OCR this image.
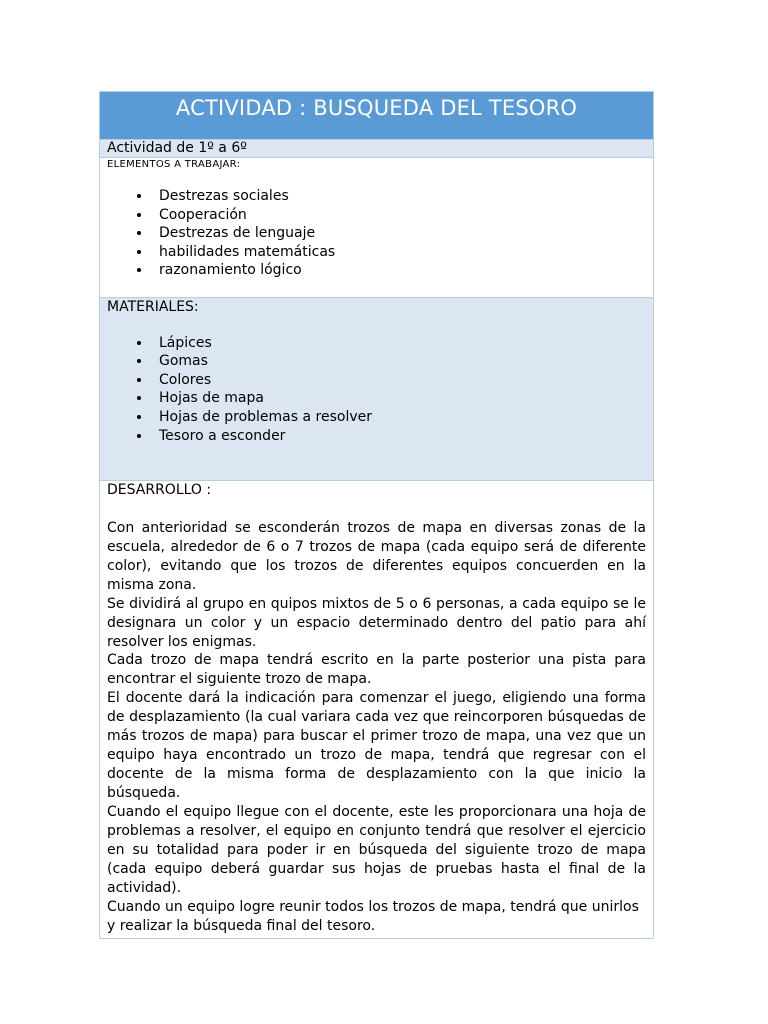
ACTIVIDAD : BUSQUEDA DEL TESORO
Actividad de 1º a 6º
ELEMENTOS A TRABAJAR:
• Destrezas sociales
• Cooperación
• Destrezas de lenguaje
• habilidades matemáticas
• razonamiento lógico
MATERIALES:
• Lápices
• Gomas
• Colores
• Hojas de mapa
• Hojas de problemas a resolver
• Tesoro a esconder
DESARROLLO :

Con anterioridad se esconderán trozos de mapa en diversas zonas de la escuela, alrededor de 6 o 7 trozos de mapa (cada equipo será de diferente color), evitando que los trozos de diferentes equipos concuerden en la misma zona.

Se dividirá al grupo en quipos mixtos de 5 o 6 personas, a cada equipo se le designara un color y un espacio determinado dentro del patio para ahí resolver los enigmas.

Cada trozo de mapa tendrá escrito en la parte posterior una pista para encontrar el siguiente trozo de mapa.

El docente dará la indicación para comenzar el juego, eligiendo una forma de desplazamiento (la cual variara cada vez que reincorporen búsquedas de más trozos de mapa) para buscar el primer trozo de mapa, una vez que un equipo haya encontrado un trozo de mapa, tendrá que regresar con el docente de la misma forma de desplazamiento con la que inicio la búsqueda.

Cuando el equipo llegue con el docente, este les proporcionara una hoja de problemas a resolver, el equipo en conjunto tendrá que resolver el ejercicio en su totalidad para poder ir en búsqueda del siguiente trozo de mapa (cada equipo deberá guardar sus hojas de pruebas hasta el final de la actividad).

Cuando un equipo logre reunir todos los trozos de mapa, tendrá que unirlos y realizar la búsqueda final del tesoro.
